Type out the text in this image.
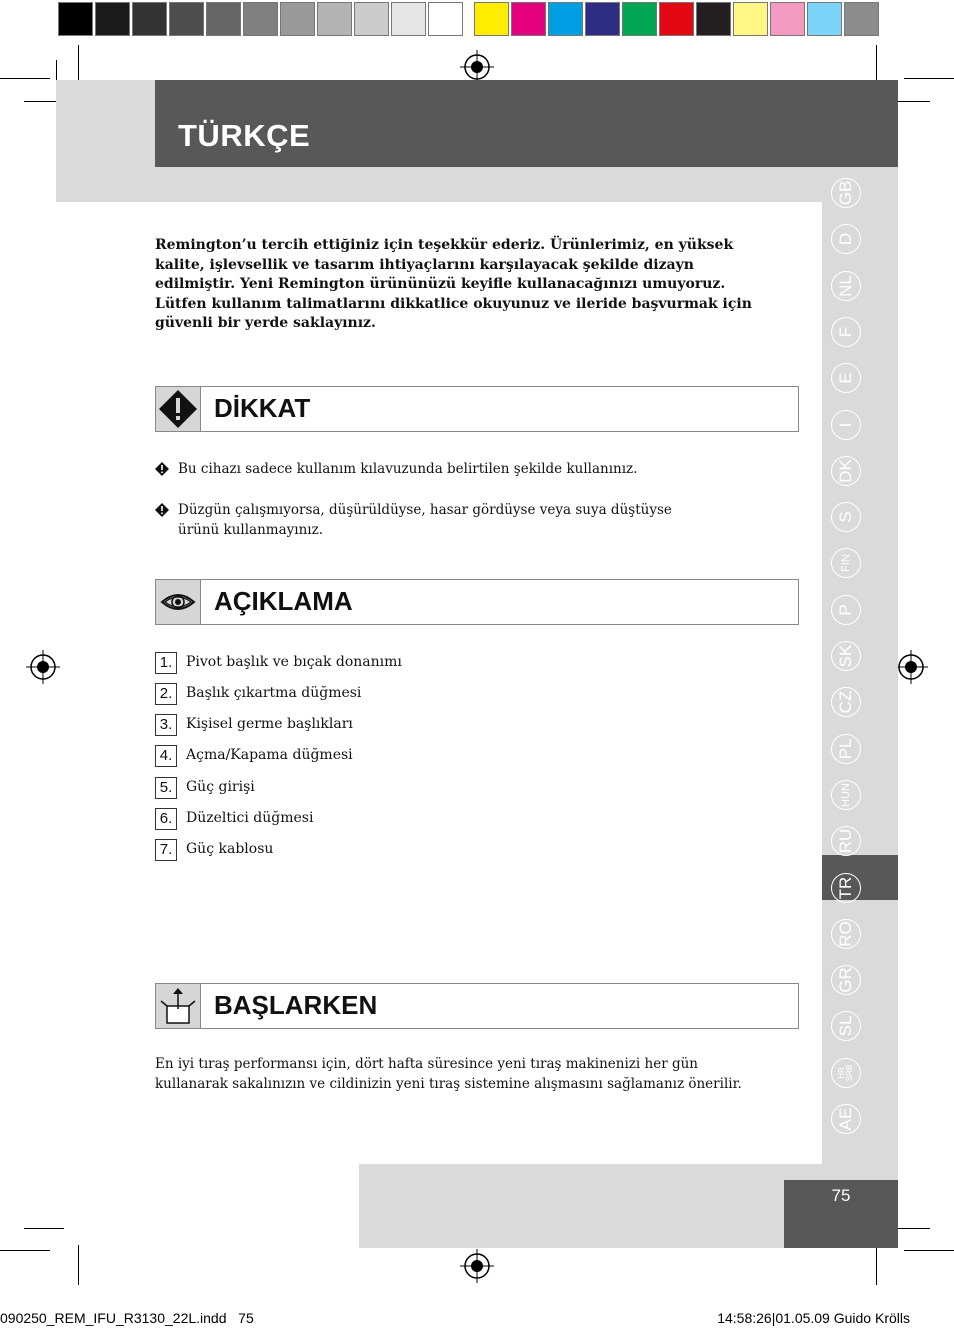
TÜRKÇE
Remington’u tercih ettiğiniz için teşekkür ederiz. Ürünlerimiz, en yüksek kalite, işlevsellik ve tasarım ihtiyaçlarını karşılayacak şekilde dizayn edilmiştir. Yeni Remington ürününüzü keyifle kullanacağınızı umuyoruz. Lütfen kullanım talimatlarını dikkatlice okuyunuz ve ileride başvurmak için güvenli bir yerde saklayınız.
DİKKAT
Bu cihazı sadece kullanım kılavuzunda belirtilen şekilde kullanınız.
Düzgün çalışmıyorsa, düşürüldüyse, hasar gördüyse veya suya düştüyse ürünü kullanmayınız.
AÇIKLAMA
1. Pivot başlık ve bıçak donanımı
2. Başlık çıkartma düğmesi
3. Kişisel germe başlıkları
4. Açma/Kapama düğmesi
5. Güç girişi
6. Düzeltici düğmesi
7. Güç kablosu
BAŞLARKEN
En iyi tıraş performansı için, dört hafta süresince yeni tıraş makinenizi her gün kullanarak sakalınızın ve cildinizin yeni tıraş sistemine alışmasını sağlamanız önerilir.
GB
D
NL
F
E
I
DK
S
FIN
P
SK
CZ
PL
HUN
RU
TR
RO
GR
SL
HR
SRB
AE
75
090250_REM_IFU_R3130_22L.indd   75	14:58:26|01.05.09 Guido Krölls
